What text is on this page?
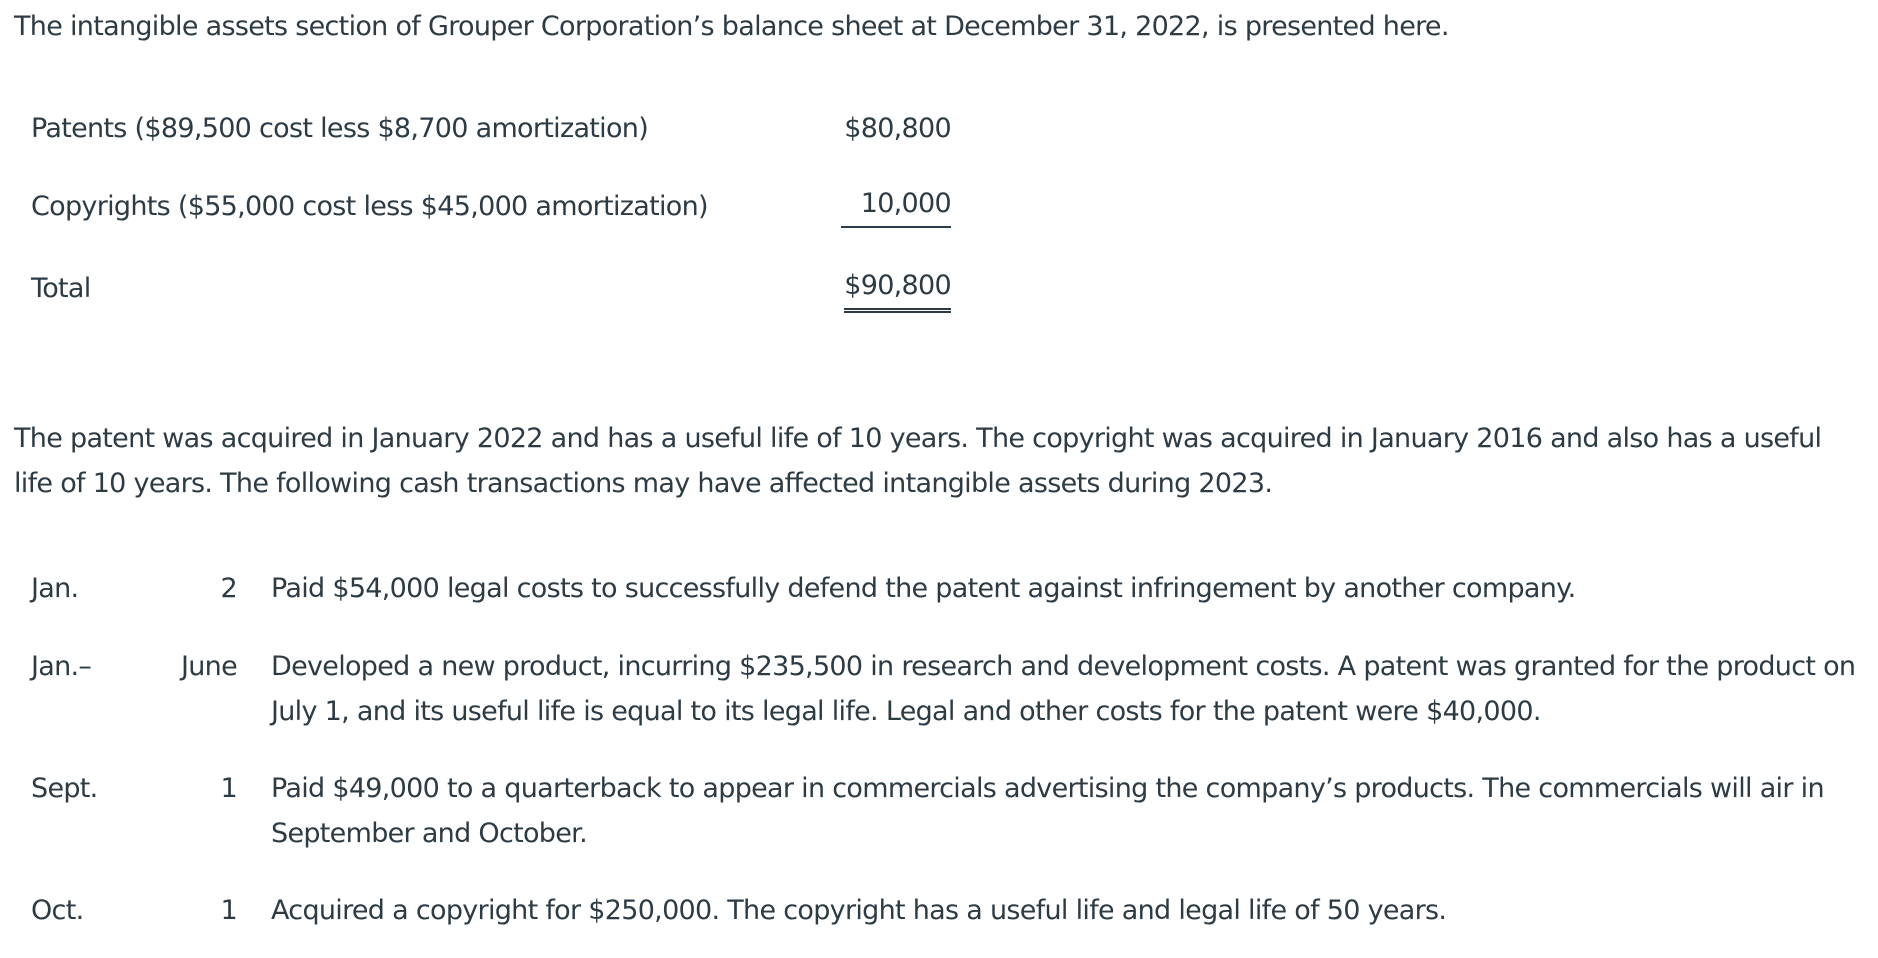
The intangible assets section of Grouper Corporation’s balance sheet at December 31, 2022, is presented here.

Patents ($89,500 cost less $8,700 amortization)	$80,800
Copyrights ($55,000 cost less $45,000 amortization)	10,000
Total	$90,800

The patent was acquired in January 2022 and has a useful life of 10 years. The copyright was acquired in January 2016 and also has a useful life of 10 years. The following cash transactions may have affected intangible assets during 2023.

Jan.	2 Paid $54,000 legal costs to successfully defend the patent against infringement by another company.
Jan.–	June Developed a new product, incurring $235,500 in research and development costs. A patent was granted for the product on July 1, and its useful life is equal to its legal life. Legal and other costs for the patent were $40,000.
Sept.	1 Paid $49,000 to a quarterback to appear in commercials advertising the company’s products. The commercials will air in September and October.
Oct.	1 Acquired a copyright for $250,000. The copyright has a useful life and legal life of 50 years.
